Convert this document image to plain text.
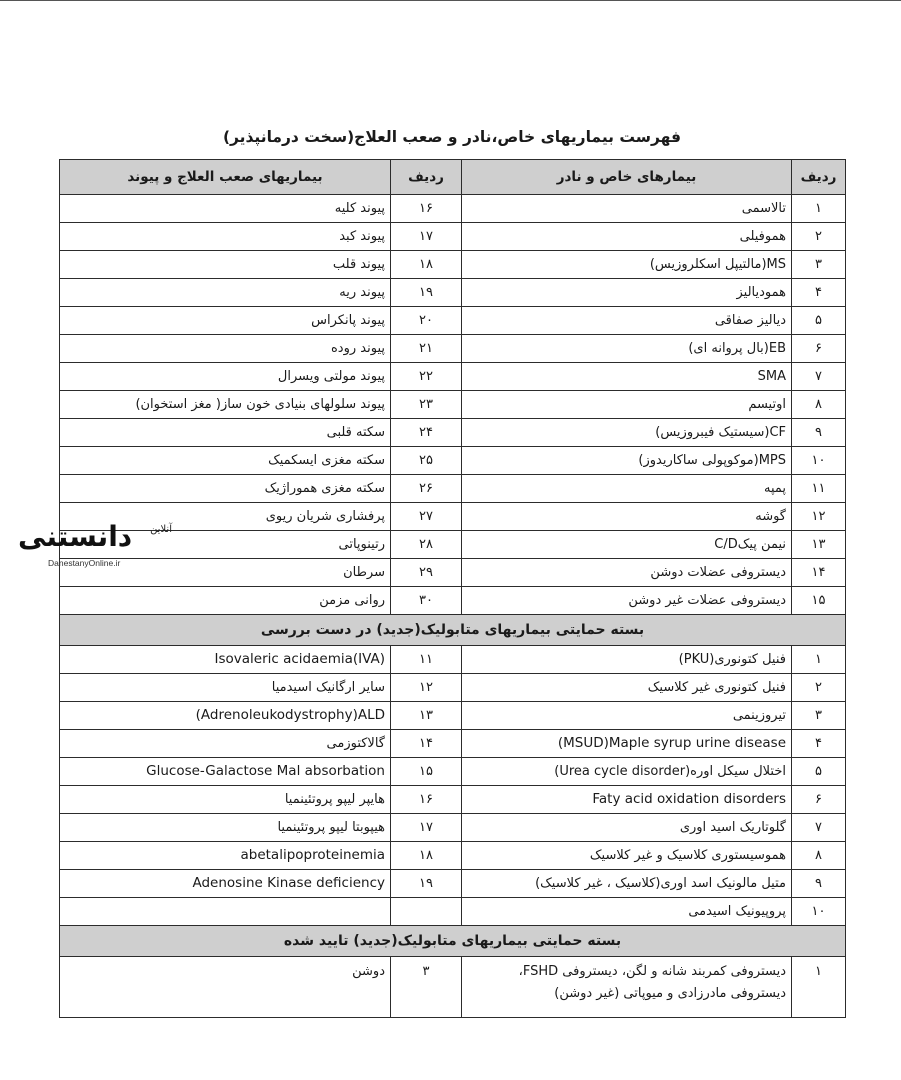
فهرست بیماریهای خاص،نادر و صعب العلاج(سخت درمانپذیر)
ردیف	بیمارهای خاص و نادر	ردیف	بیماریهای صعب العلاج و پیوند
۱	تالاسمی	۱۶	پیوند کلیه
۲	هموفیلی	۱۷	پیوند کبد
۳	MS(مالتیپل اسکلروزیس)	۱۸	پیوند قلب
۴	همودیالیز	۱۹	پیوند ریه
۵	دیالیز صفاقی	۲۰	پیوند پانکراس
۶	EB(بال پروانه ای)	۲۱	پیوند روده
۷	SMA	۲۲	پیوند مولتی ویسرال
۸	اوتیسم	۲۳	پیوند سلولهای بنیادی خون ساز( مغز استخوان)
۹	CF(سیستیک فیبروزیس)	۲۴	سکته قلبی
۱۰	MPS(موکوپولی ساکاریدوز)	۲۵	سکته مغزی ایسکمیک
۱۱	پمپه	۲۶	سکته مغزی هموراژیک
۱۲	گوشه	۲۷	پرفشاری شریان ریوی
۱۳	نیمن پیکC/D	۲۸	رتینوپاتی
۱۴	دیستروفی عضلات دوشن	۲۹	سرطان
۱۵	دیستروفی عضلات غیر دوشن	۳۰	روانی مزمن
بسته حمایتی بیماریهای متابولیک(جدید) در دست بررسی			
۱	فنیل کتونوری(PKU)	۱۱	Isovaleric acidaemia(IVA)
۲	فنیل کتونوری غیر کلاسیک	۱۲	سایر ارگانیک اسیدمیا
۳	تیروزینمی	۱۳	(Adrenoleukodystrophy)ALD
۴	(MSUD)Maple syrup urine disease	۱۴	گالاکتوزمی
۵	اختلال سیکل اوره(Urea cycle disorder)	۱۵	Glucose-Galactose Mal absorbation
۶	Faty acid oxidation disorders	۱۶	هایپر لیپو پروتئینمیا
۷	گلوتاریک اسید اوری	۱۷	هیپوبتا لیپو پروتئینمیا
۸	هموسیستوری کلاسیک و غیر کلاسیک	۱۸	abetalipoproteinemia
۹	متیل مالونیک اسد اوری(کلاسیک ، غیر کلاسیک)	۱۹	Adenosine Kinase deficiency
۱۰	پروپیونیک اسیدمی		
بسته حمایتی بیماریهای متابولیک(جدید) تایید شده			
۱	دیستروفی کمربند شانه و لگن، دیستروفی FSHD،
دیستروفی مادرزادی و میوپاتی (غیر دوشن)	۳	دوشن
دانستنی آنلاین
DanestanyOnline.ir
